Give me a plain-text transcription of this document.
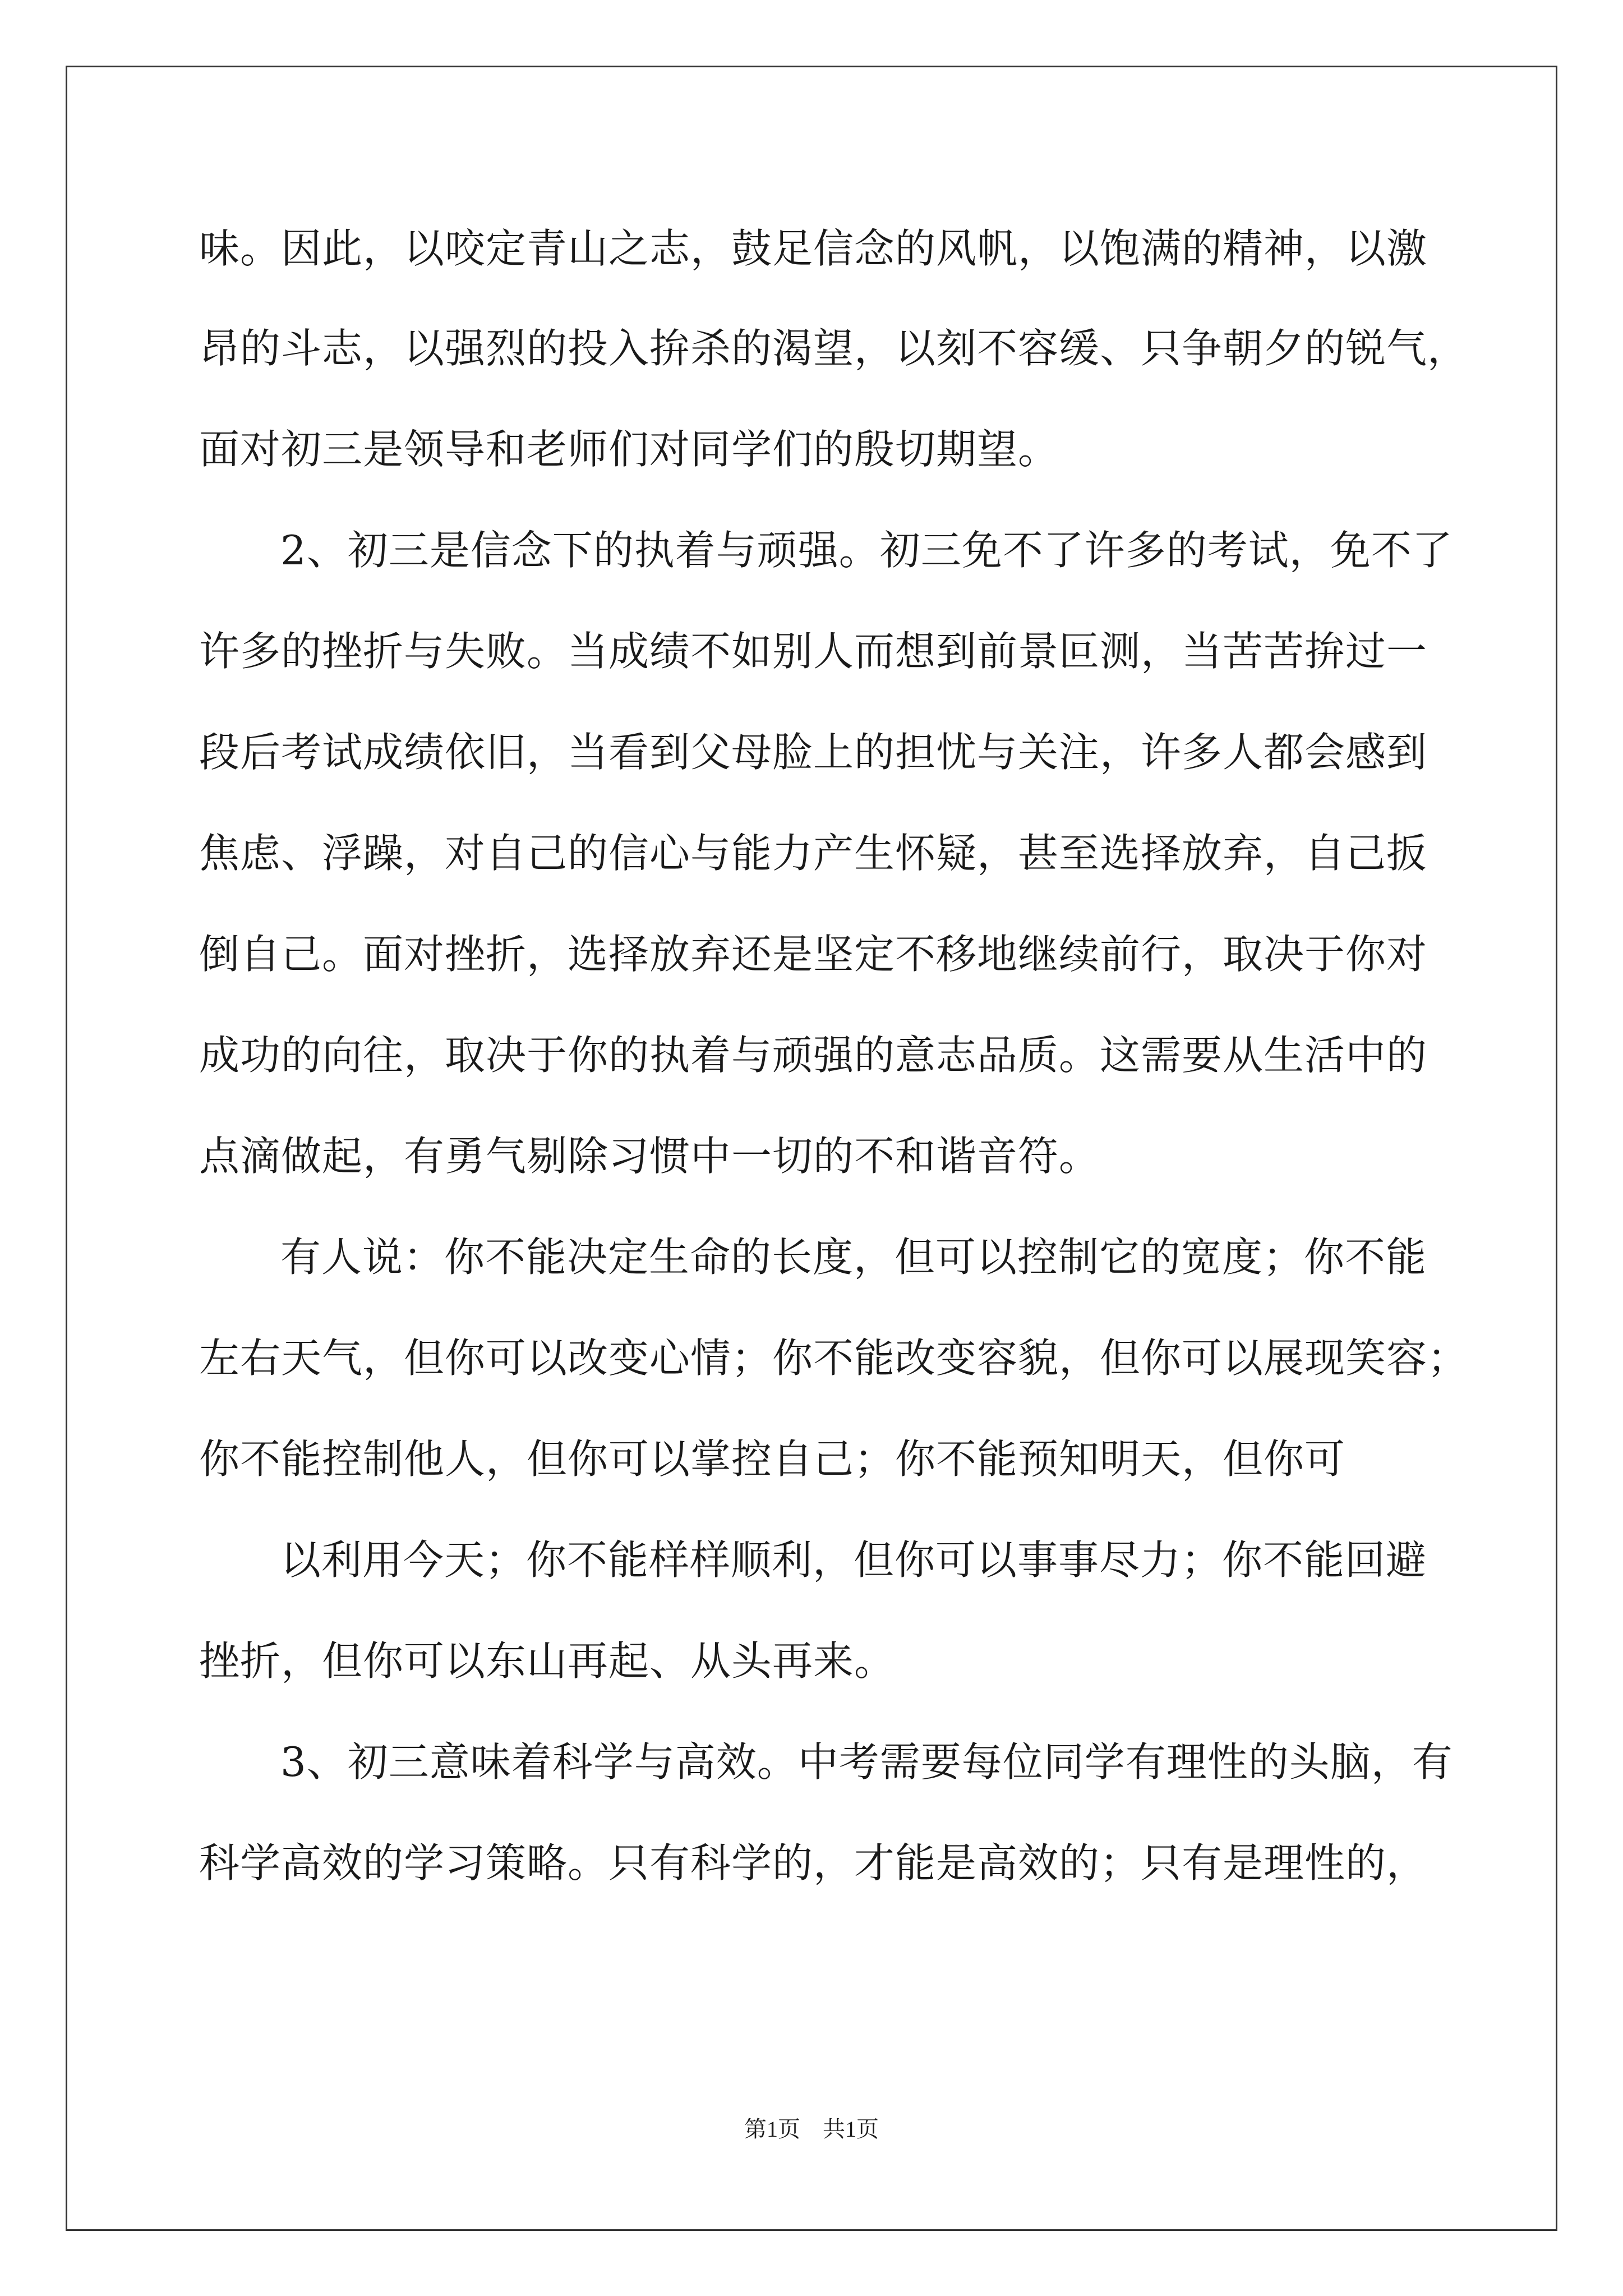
味。因此，以咬定青山之志，鼓足信念的风帆，以饱满的精神，以激
昂的斗志，以强烈的投入拚杀的渴望，以刻不容缓、只争朝夕的锐气，
面对初三是领导和老师们对同学们的殷切期望。
2、初三是信念下的执着与顽强。初三免不了许多的考试，免不了
许多的挫折与失败。当成绩不如别人而想到前景叵测，当苦苦拚过一
段后考试成绩依旧，当看到父母脸上的担忧与关注，许多人都会感到
焦虑、浮躁，对自己的信心与能力产生怀疑，甚至选择放弃，自己扳
倒自己。面对挫折，选择放弃还是坚定不移地继续前行，取决于你对
成功的向往，取决于你的执着与顽强的意志品质。这需要从生活中的
点滴做起，有勇气剔除习惯中一切的不和谐音符。
有人说：你不能决定生命的长度，但可以控制它的宽度；你不能
左右天气，但你可以改变心情；你不能改变容貌，但你可以展现笑容；
你不能控制他人，但你可以掌控自己；你不能预知明天，但你可
以利用今天；你不能样样顺利，但你可以事事尽力；你不能回避
挫折，但你可以东山再起、从头再来。
3、初三意味着科学与高效。中考需要每位同学有理性的头脑，有
科学高效的学习策略。只有科学的，才能是高效的；只有是理性的，
第1页　共1页
